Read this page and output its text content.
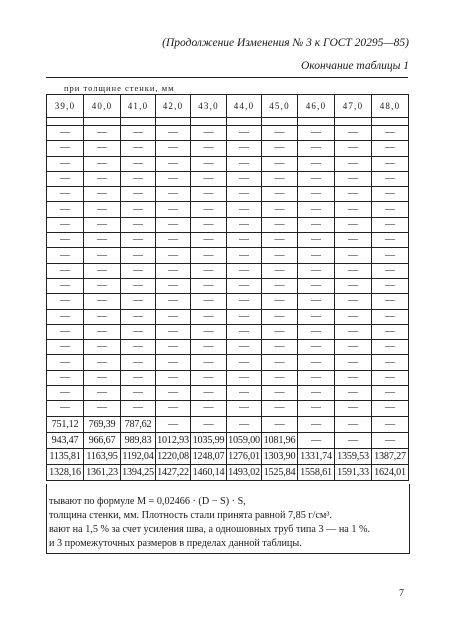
(Продолжение Изменения № 3 к ГОСТ 20295—85)
Окончание таблицы 1
при толщине стенки, мм
39,0	40,0	41,0	42,0	43,0	44,0	45,0	46,0	47,0	48,0

—	—	—	—	—	—	—	—	—	—
—	—	—	—	—	—	—	—	—	—
—	—	—	—	—	—	—	—	—	—
—	—	—	—	—	—	—	—	—	—
—	—	—	—	—	—	—	—	—	—
—	—	—	—	—	—	—	—	—	—
—	—	—	—	—	—	—	—	—	—
—	—	—	—	—	—	—	—	—	—
—	—	—	—	—	—	—	—	—	—
—	—	—	—	—	—	—	—	—	—
—	—	—	—	—	—	—	—	—	—
—	—	—	—	—	—	—	—	—	—
—	—	—	—	—	—	—	—	—	—
—	—	—	—	—	—	—	—	—	—
—	—	—	—	—	—	—	—	—	—
—	—	—	—	—	—	—	—	—	—
—	—	—	—	—	—	—	—	—	—
—	—	—	—	—	—	—	—	—	—
—	—	—	—	—	—	—	—	—	—
751,12	769,39	787,62	—	—	—	—	—	—	—
943,47	966,67	989,83	1012,93	1035,99	1059,00	1081,96	—	—	—
1135,81	1163,95	1192,04	1220,08	1248,07	1276,01	1303,90	1331,74	1359,53	1387,27
1328,16	1361,23	1394,25	1427,22	1460,14	1493,02	1525,84	1558,61	1591,33	1624,01
тывают по формуле M = 0,02466 · (D − S) · S,
толщина стенки, мм. Плотность стали принята равной 7,85 г/см³.
вают на 1,5 % за счет усиления шва, а одношовных труб типа 3 — на 1 %.
и 3 промежуточных размеров в пределах данной таблицы.
7
